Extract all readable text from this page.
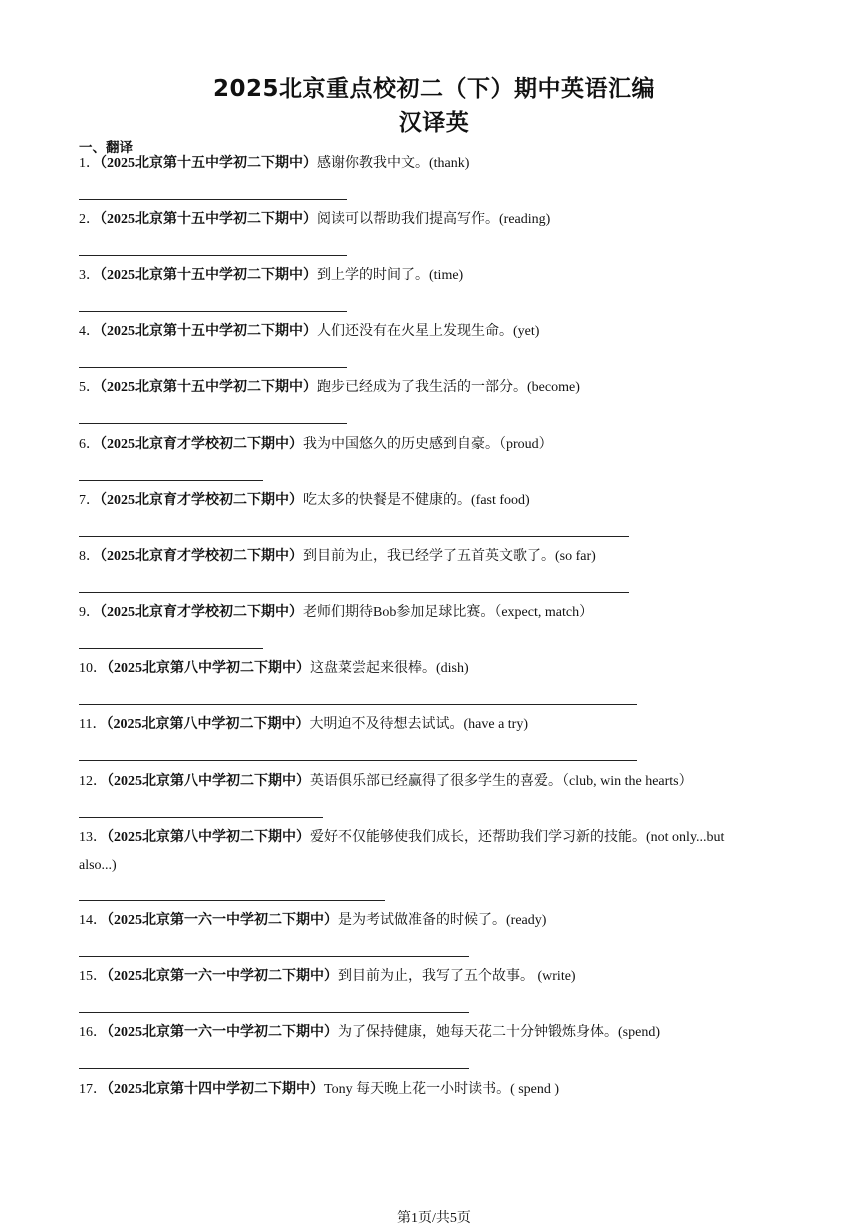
2025北京重点校初二（下）期中英语汇编
汉译英
一、翻译
1．（2025北京第十五中学初二下期中）感谢你教我中文。(thank)
2．（2025北京第十五中学初二下期中）阅读可以帮助我们提高写作。(reading)
3．（2025北京第十五中学初二下期中）到上学的时间了。(time)
4．（2025北京第十五中学初二下期中）人们还没有在火星上发现生命。(yet)
5．（2025北京第十五中学初二下期中）跑步已经成为了我生活的一部分。(become)
6．（2025北京育才学校初二下期中）我为中国悠久的历史感到自豪。（proud）
7．（2025北京育才学校初二下期中）吃太多的快餐是不健康的。(fast food)
8．（2025北京育才学校初二下期中）到目前为止，我已经学了五首英文歌了。(so far)
9．（2025北京育才学校初二下期中）老师们期待Bob参加足球比赛。（expect, match）
10．（2025北京第八中学初二下期中）这盘菜尝起来很棒。(dish)
11．（2025北京第八中学初二下期中）大明迫不及待想去试试。(have a try)
12．（2025北京第八中学初二下期中）英语俱乐部已经赢得了很多学生的喜爱。（club, win the hearts）
13．（2025北京第八中学初二下期中）爱好不仅能够使我们成长，还帮助我们学习新的技能。(not only...but
also...)
14．（2025北京第一六一中学初二下期中）是为考试做准备的时候了。(ready)
15．（2025北京第一六一中学初二下期中）到目前为止，我写了五个故事。 (write)
16．（2025北京第一六一中学初二下期中）为了保持健康，她每天花二十分钟锻炼身体。(spend)
17．（2025北京第十四中学初二下期中）Tony 每天晚上花一小时读书。( spend )
第1页/共5页
